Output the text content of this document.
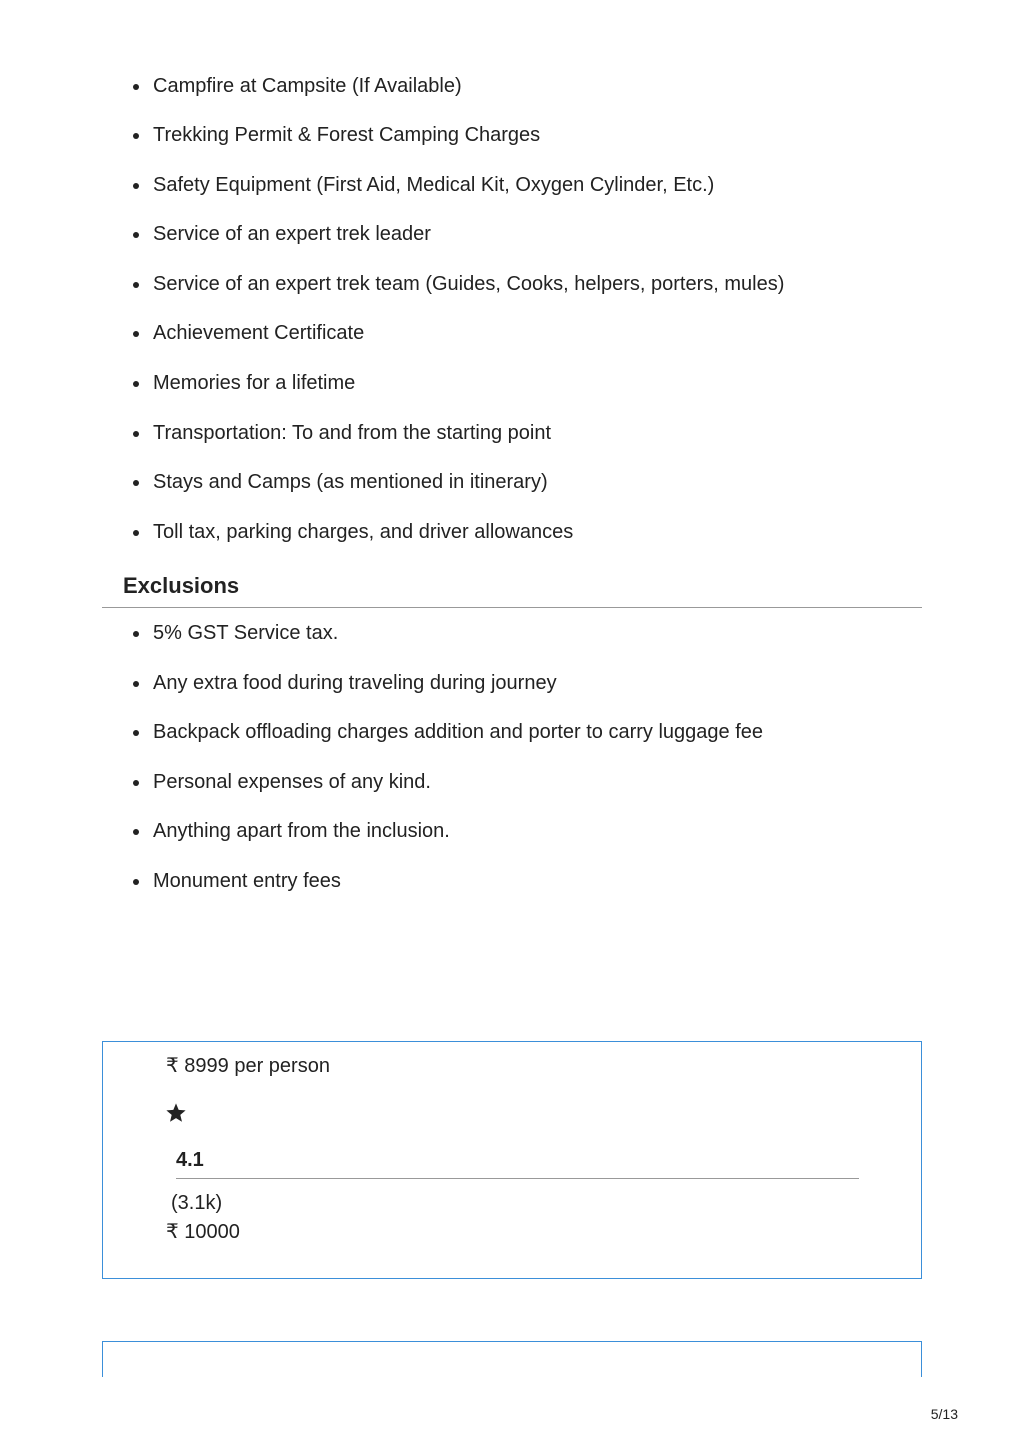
Campfire at Campsite (If Available)
Trekking Permit & Forest Camping Charges
Safety Equipment (First Aid, Medical Kit, Oxygen Cylinder, Etc.)
Service of an expert trek leader
Service of an expert trek team (Guides, Cooks, helpers, porters, mules)
Achievement Certificate
Memories for a lifetime
Transportation: To and from the starting point
Stays and Camps (as mentioned in itinerary)
Toll tax, parking charges, and driver allowances
Exclusions
5% GST Service tax.
Any extra food during traveling during journey
Backpack offloading charges addition and porter to carry luggage fee
Personal expenses of any kind.
Anything apart from the inclusion.
Monument entry fees
₹ 8999 per person
4.1
(3.1k)
₹ 10000
5/13
